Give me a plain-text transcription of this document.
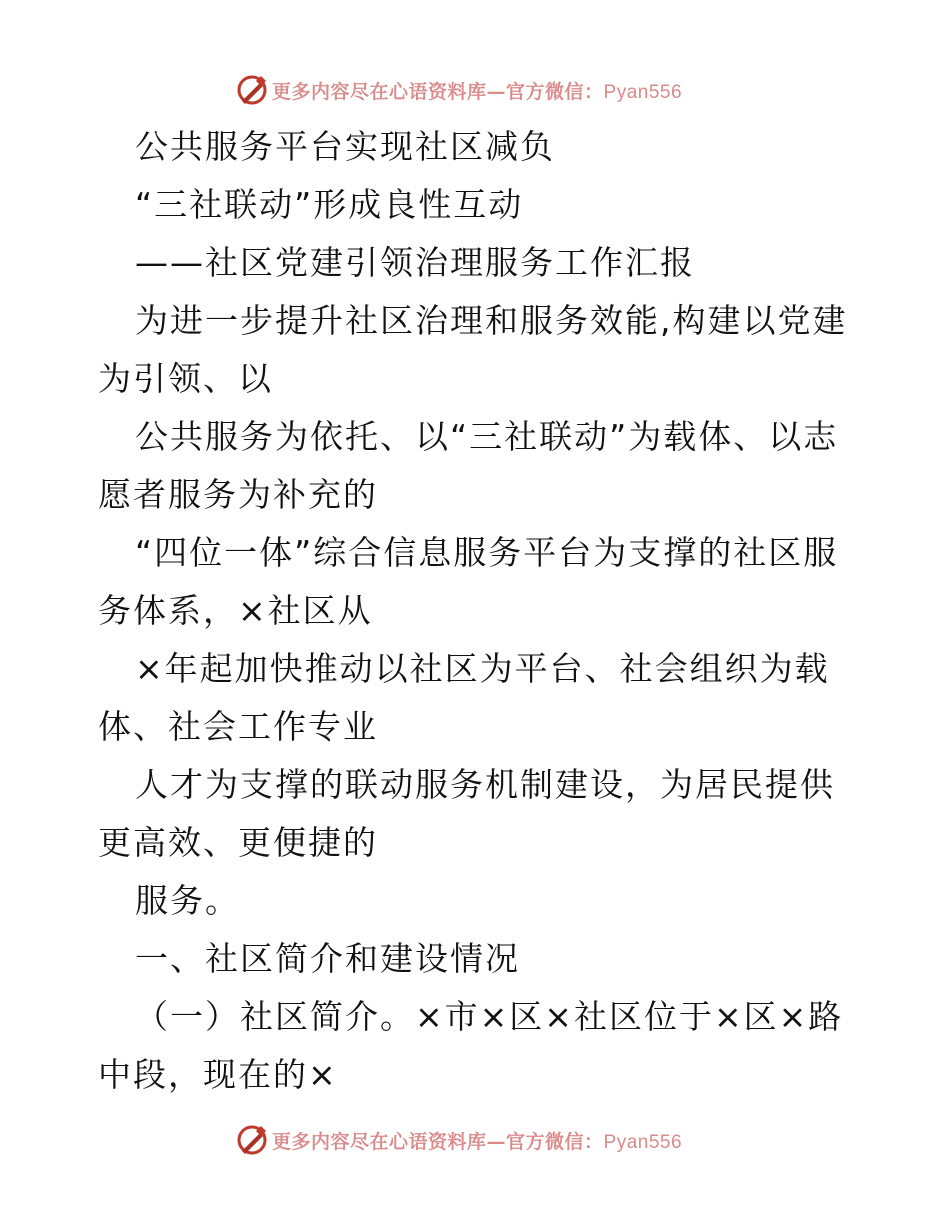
更多内容尽在心语资料库—官方微信：Pyan556

公共服务平台实现社区减负

“三社联动”形成良性互动

——社区党建引领治理服务工作汇报

为进一步提升社区治理和服务效能,构建以党建为引领、以

公共服务为依托、以“三社联动”为载体、以志愿者服务为补充的

“四位一体”综合信息服务平台为支撑的社区服务体系，×社区从

×年起加快推动以社区为平台、社会组织为载体、社会工作专业

人才为支撑的联动服务机制建设，为居民提供更高效、更便捷的

服务。

一、社区简介和建设情况

（一）社区简介。×市×区×社区位于×区×路中段，现在的×

更多内容尽在心语资料库—官方微信：Pyan556
